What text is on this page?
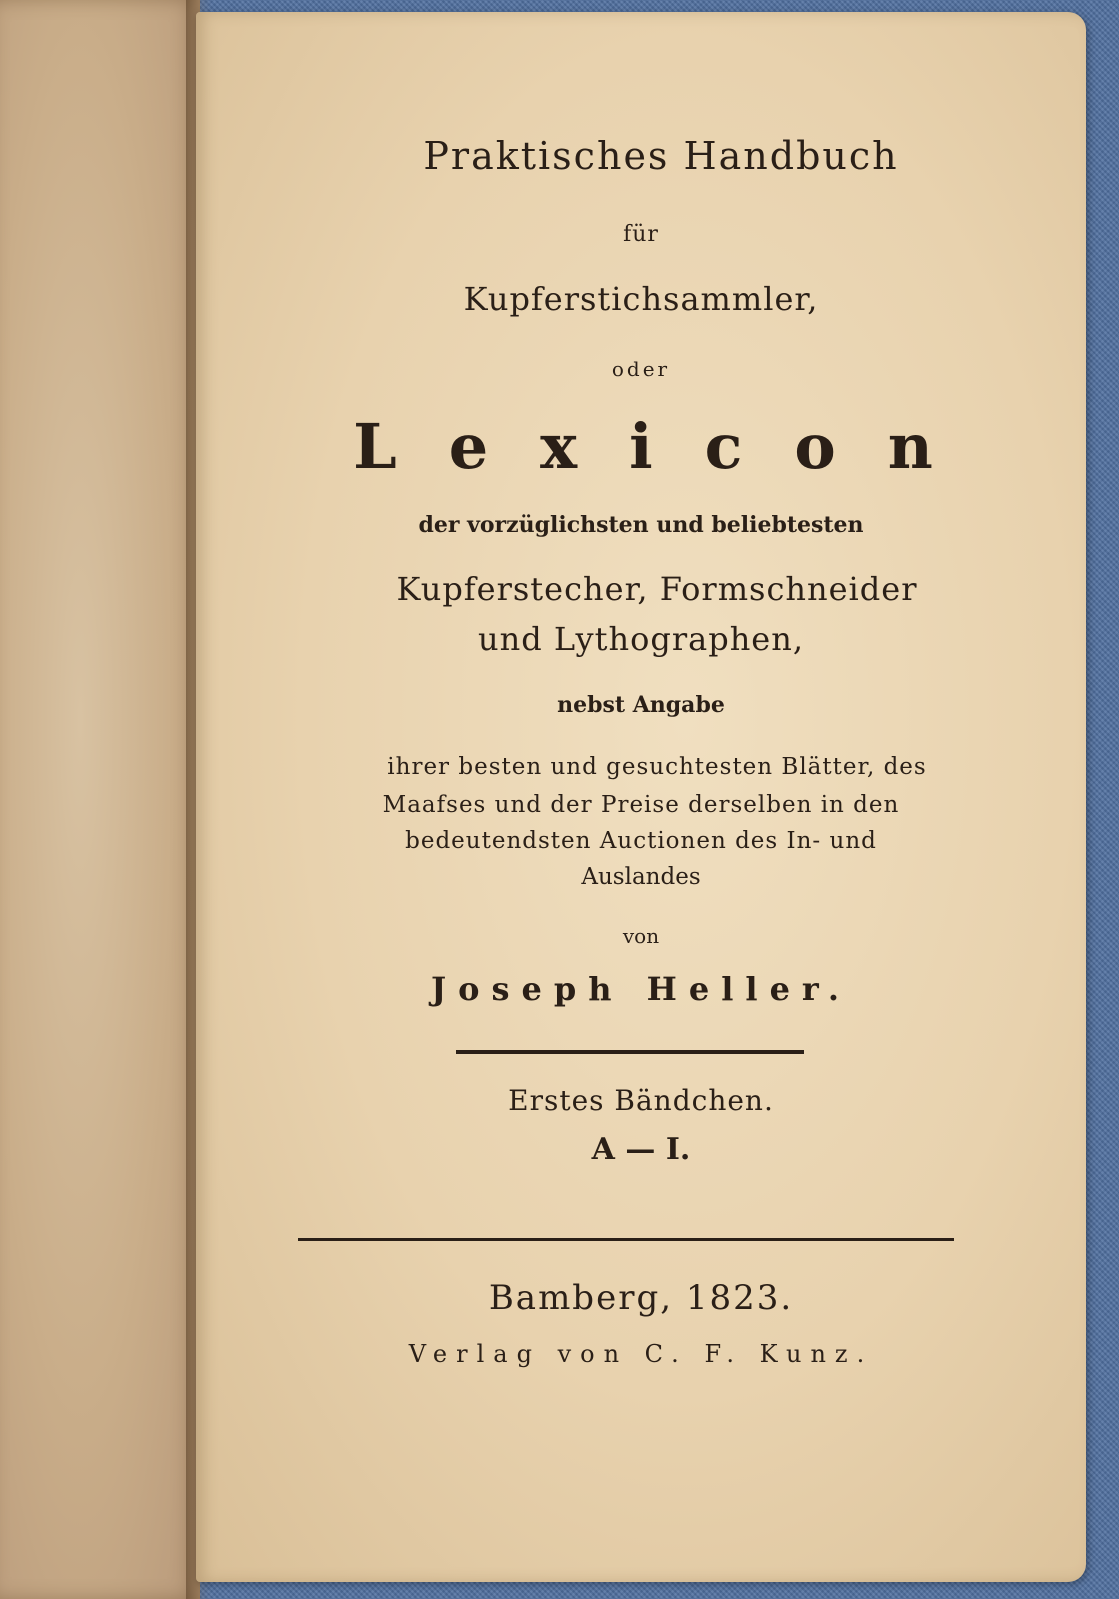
Praktisches Handbuch
für
Kupferstichsammler,
oder
Lexicon
der vorzüglichsten und beliebtesten
Kupferstecher, Formschneider
und Lythographen,
nebst Angabe
ihrer besten und gesuchtesten Blätter, des
Maafses und der Preise derselben in den
bedeutendsten Auctionen des In- und
Auslandes
von
Joseph Heller.
Erstes Bändchen.
A — I.
Bamberg, 1823.
Verlag von C. F. Kunz.
